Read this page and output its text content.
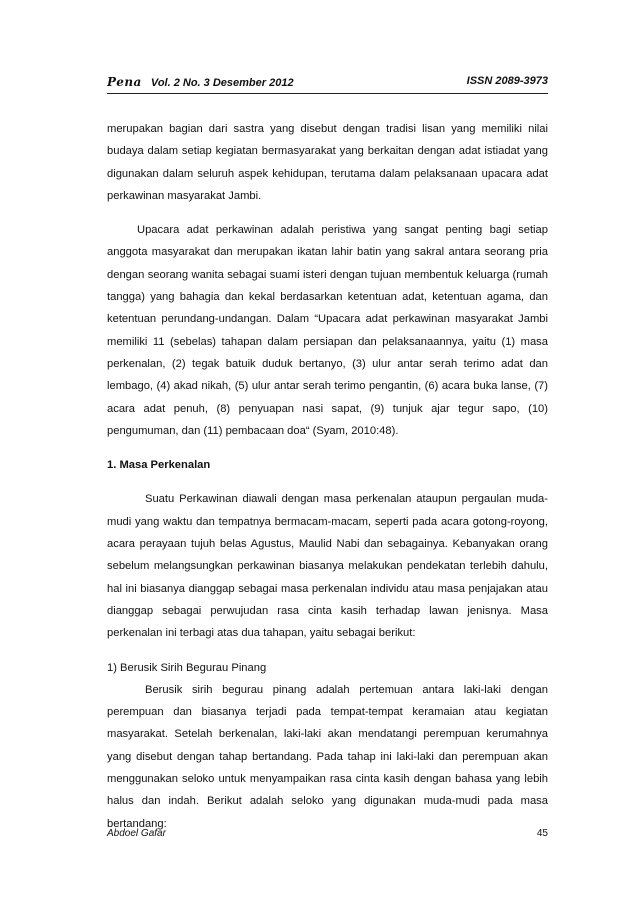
Pena Vol. 2 No. 3 Desember 2012	ISSN 2089-3973

merupakan bagian dari sastra yang disebut dengan tradisi lisan yang memiliki nilai budaya dalam setiap kegiatan bermasyarakat yang berkaitan dengan adat istiadat yang digunakan dalam seluruh aspek kehidupan, terutama dalam pelaksanaan upacara adat perkawinan masyarakat Jambi.

Upacara adat perkawinan adalah peristiwa yang sangat penting bagi setiap anggota masyarakat dan merupakan ikatan lahir batin yang sakral antara seorang pria dengan seorang wanita sebagai suami isteri dengan tujuan membentuk keluarga (rumah tangga) yang bahagia dan kekal berdasarkan ketentuan adat, ketentuan agama, dan ketentuan perundang-undangan. Dalam “Upacara adat perkawinan masyarakat Jambi memiliki 11 (sebelas) tahapan dalam persiapan dan pelaksanaannya, yaitu (1) masa perkenalan, (2) tegak batuik duduk bertanyo, (3) ulur antar serah terimo adat dan lembago, (4) akad nikah, (5) ulur antar serah terimo pengantin, (6) acara buka lanse, (7) acara adat penuh, (8) penyuapan nasi sapat, (9) tunjuk ajar tegur sapo, (10) pengumuman, dan (11) pembacaan doa“ (Syam, 2010:48).

1. Masa Perkenalan

Suatu Perkawinan diawali dengan masa perkenalan ataupun pergaulan muda-mudi yang waktu dan tempatnya bermacam-macam, seperti pada acara gotong-royong, acara perayaan tujuh belas Agustus, Maulid Nabi dan sebagainya. Kebanyakan orang sebelum melangsungkan perkawinan biasanya melakukan pendekatan terlebih dahulu, hal ini biasanya dianggap sebagai masa perkenalan individu atau masa penjajakan atau dianggap sebagai perwujudan rasa cinta kasih terhadap lawan jenisnya. Masa perkenalan ini terbagi atas dua tahapan, yaitu sebagai berikut:

1) Berusik Sirih Begurau Pinang

Berusik sirih begurau pinang adalah pertemuan antara laki-laki dengan perempuan dan biasanya terjadi pada tempat-tempat keramaian atau kegiatan masyarakat. Setelah berkenalan, laki-laki akan mendatangi perempuan kerumahnya yang disebut dengan tahap bertandang. Pada tahap ini laki-laki dan perempuan akan menggunakan seloko untuk menyampaikan rasa cinta kasih dengan bahasa yang lebih halus dan indah. Berikut adalah seloko yang digunakan muda-mudi pada masa bertandang:

Abdoel Gafar	45
